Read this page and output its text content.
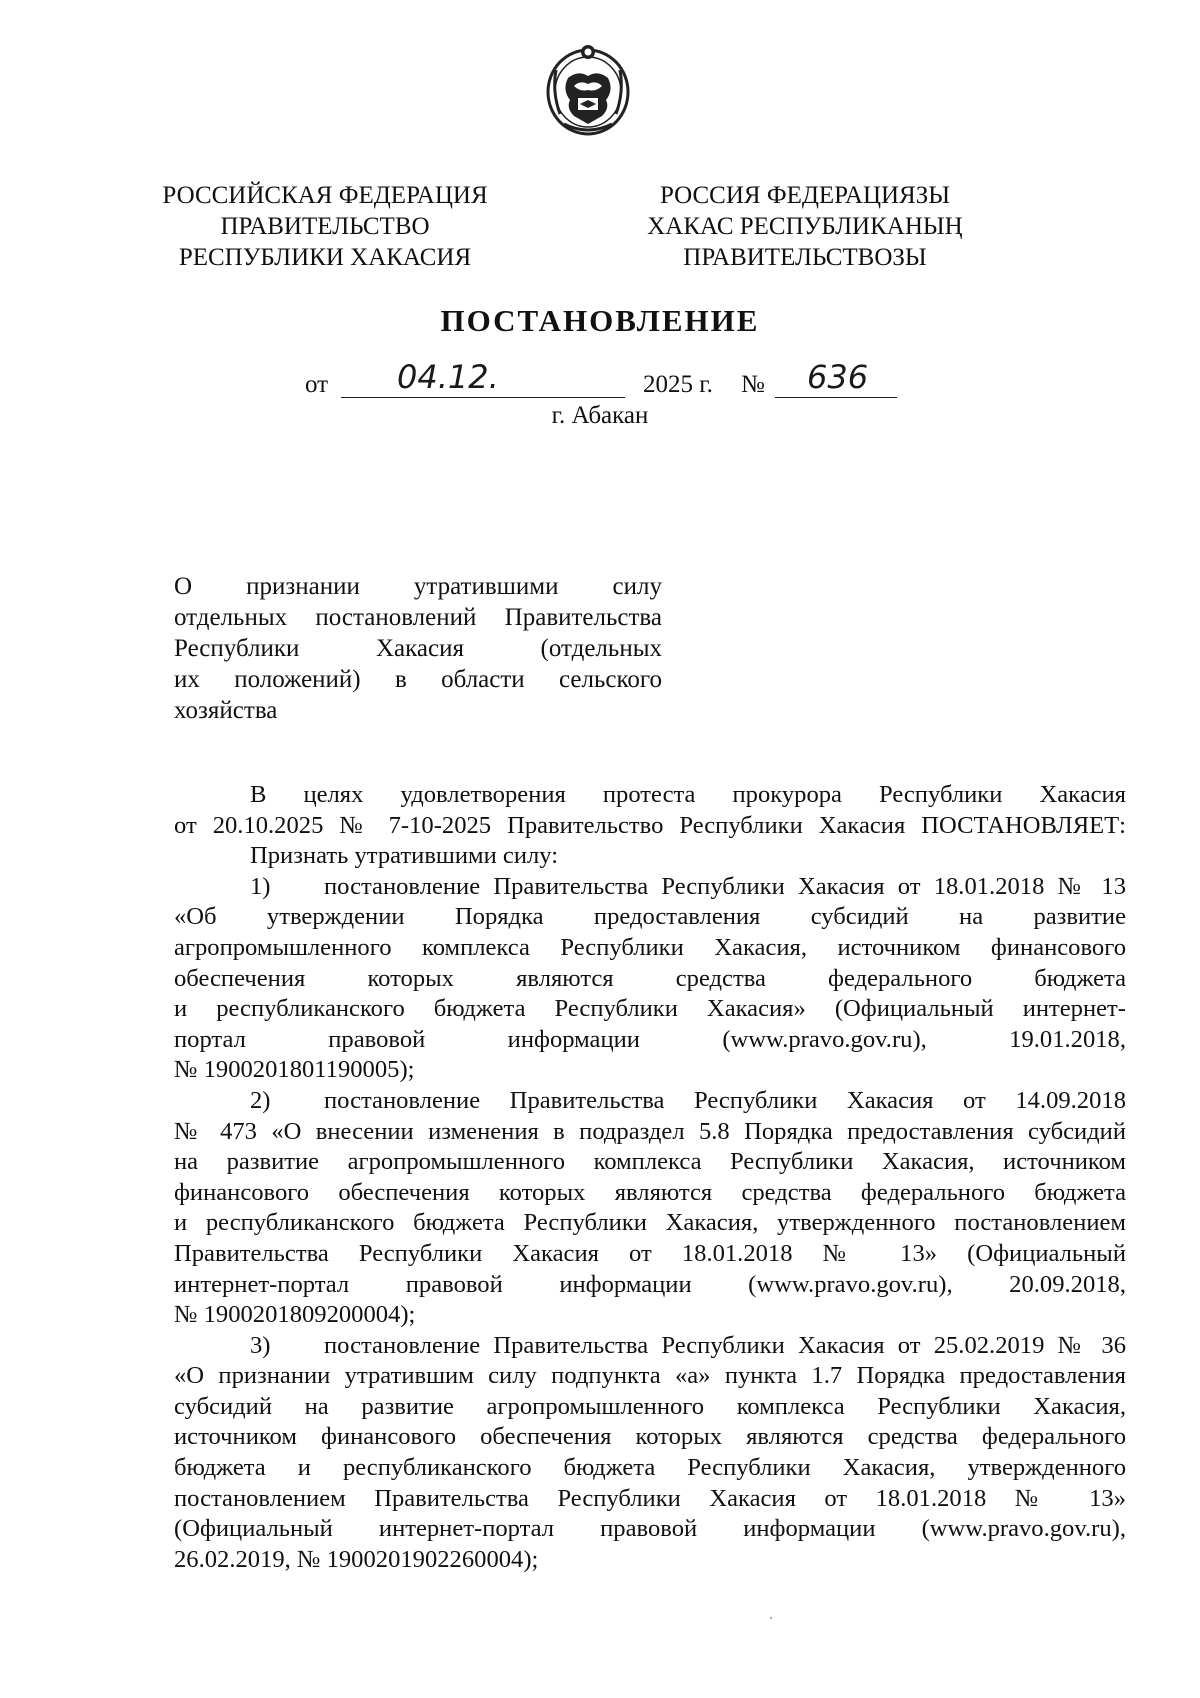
РОССИЙСКАЯ ФЕДЕРАЦИЯ
ПРАВИТЕЛЬСТВО
РЕСПУБЛИКИ ХАКАСИЯ
РОССИЯ ФЕДЕРАЦИЯЗЫ
ХАКАС РЕСПУБЛИКАНЫҢ
ПРАВИТЕЛЬСТВОЗЫ
ПОСТАНОВЛЕНИЕ
от 04.12.	2025 г. № 636
г. Абакан
О признании утратившими силу
отдельных постановлений Правительства
Республики Хакасия (отдельных
их положений) в области сельского
хозяйства
В целях удовлетворения протеста прокурора Республики Хакасия
от 20.10.2025 № 7-10-2025 Правительство Республики Хакасия ПОСТАНОВЛЯЕТ:
Признать утратившими силу:
1) постановление Правительства Республики Хакасия от 18.01.2018 № 13
«Об утверждении Порядка предоставления субсидий на развитие
агропромышленного комплекса Республики Хакасия, источником финансового
обеспечения которых являются средства федерального бюджета
и республиканского бюджета Республики Хакасия» (Официальный интернет-
портал правовой информации (www.pravo.gov.ru), 19.01.2018,
№ 1900201801190005);
2) постановление Правительства Республики Хакасия от 14.09.2018
№ 473 «О внесении изменения в подраздел 5.8 Порядка предоставления субсидий
на развитие агропромышленного комплекса Республики Хакасия, источником
финансового обеспечения которых являются средства федерального бюджета
и республиканского бюджета Республики Хакасия, утвержденного постановлением
Правительства Республики Хакасия от 18.01.2018 № 13» (Официальный
интернет-портал правовой информации (www.pravo.gov.ru), 20.09.2018,
№ 1900201809200004);
3) постановление Правительства Республики Хакасия от 25.02.2019 № 36
«О признании утратившим силу подпункта «а» пункта 1.7 Порядка предоставления
субсидий на развитие агропромышленного комплекса Республики Хакасия,
источником финансового обеспечения которых являются средства федерального
бюджета и республиканского бюджета Республики Хакасия, утвержденного
постановлением Правительства Республики Хакасия от 18.01.2018 № 13»
(Официальный интернет-портал правовой информации (www.pravo.gov.ru),
26.02.2019, № 1900201902260004);
